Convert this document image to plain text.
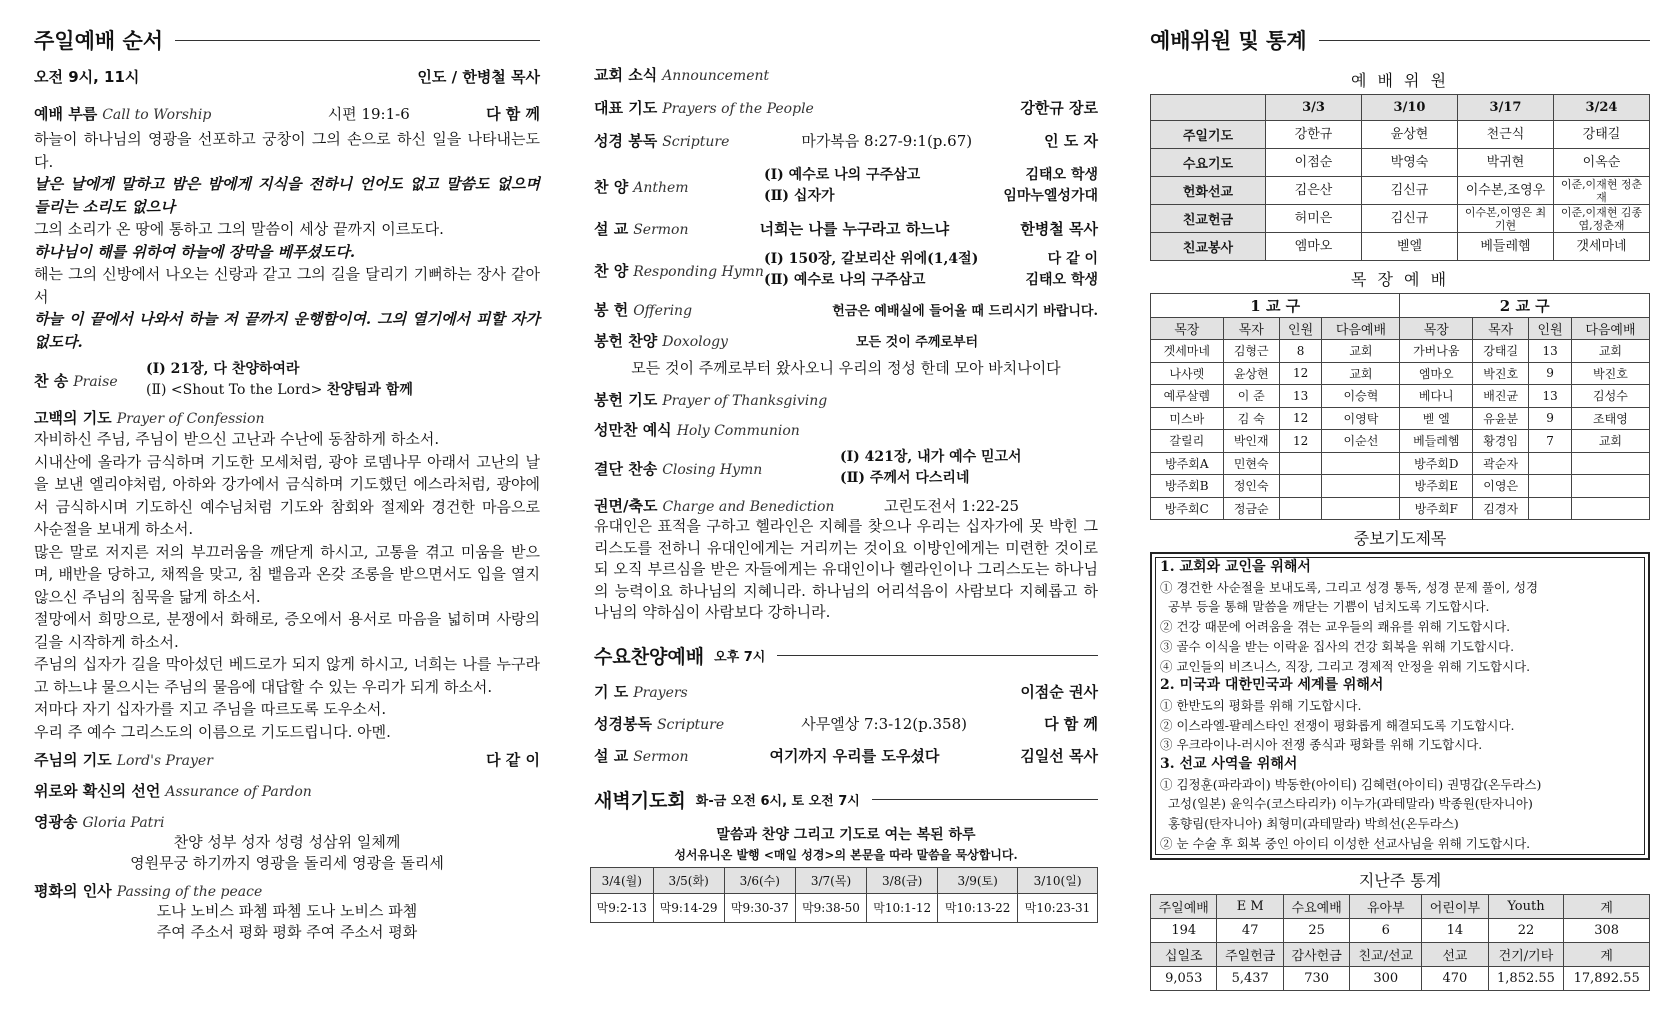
주일예배 순서
오전 9시, 11시	인도 / 한병철 목사
예배 부름 Call to Worship	시편 19:1-6	다 함 께
하늘이 하나님의 영광을 선포하고 궁창이 그의 손으로 하신 일을 나타내는도다.
날은 날에게 말하고 밤은 밤에게 지식을 전하니 언어도 없고 말씀도 없으며 들리는 소리도 없으나
그의 소리가 온 땅에 통하고 그의 말씀이 세상 끝까지 이르도다.
하나님이 해를 위하여 하늘에 장막을 베푸셨도다.
해는 그의 신방에서 나오는 신랑과 같고 그의 길을 달리기 기뻐하는 장사 같아서
하늘 이 끝에서 나와서 하늘 저 끝까지 운행함이여. 그의 열기에서 피할 자가 없도다.
찬 송 Praise
(Ⅰ) 21장, 다 찬양하여라
(Ⅱ) <Shout To the Lord> 찬양팀과 함께
고백의 기도 Prayer of Confession
자비하신 주님, 주님이 받으신 고난과 수난에 동참하게 하소서.
시내산에 올라가 금식하며 기도한 모세처럼, 광야 로뎀나무 아래서 고난의 날을 보낸 엘리야처럼, 아하와 강가에서 금식하며 기도했던 에스라처럼, 광야에서 금식하시며 기도하신 예수님처럼 기도와 참회와 절제와 경건한 마음으로 사순절을 보내게 하소서.
많은 말로 저지른 저의 부끄러움을 깨닫게 하시고, 고통을 겪고 미움을 받으며, 배반을 당하고, 채찍을 맞고, 침 뱉음과 온갖 조롱을 받으면서도 입을 열지 않으신 주님의 침묵을 닮게 하소서.
절망에서 희망으로, 분쟁에서 화해로, 증오에서 용서로 마음을 넓히며 사랑의 길을 시작하게 하소서.
주님의 십자가 길을 막아섰던 베드로가 되지 않게 하시고, 너희는 나를 누구라고 하느냐 물으시는 주님의 물음에 대답할 수 있는 우리가 되게 하소서.
저마다 자기 십자가를 지고 주님을 따르도록 도우소서.
우리 주 예수 그리스도의 이름으로 기도드립니다. 아멘.
주님의 기도 Lord's Prayer	다 같 이
위로와 확신의 선언 Assurance of Pardon
영광송 Gloria Patri
찬양 성부 성자 성령 성삼위 일체께
영원무궁 하기까지 영광을 돌리세 영광을 돌리세
평화의 인사 Passing of the peace
도나 노비스 파쳄 파쳄 도나 노비스 파쳄
주여 주소서 평화 평화 주여 주소서 평화
교회 소식 Announcement
대표 기도 Prayers of the People	강한규 장로
성경 봉독 Scripture	마가복음 8:27-9:1(p.67)	인 도 자
찬 양 Anthem
(Ⅰ) 예수로 나의 구주삼고
(Ⅱ) 십자가
김태오 학생
임마누엘성가대
설 교 Sermon	너희는 나를 누구라고 하느냐	한병철 목사
찬 양 Responding Hymn
(Ⅰ) 150장, 갈보리산 위에(1,4절)
(Ⅱ) 예수로 나의 구주삼고
다 같 이
김태오 학생
봉 헌 Offering	헌금은 예배실에 들어올 때 드리시기 바랍니다.
봉헌 찬양 Doxology	모든 것이 주께로부터
모든 것이 주께로부터 왔사오니 우리의 정성 한데 모아 바치나이다
봉헌 기도 Prayer of Thanksgiving
성만찬 예식 Holy Communion
결단 찬송 Closing Hymn
(Ⅰ) 421장, 내가 예수 믿고서
(Ⅱ) 주께서 다스리네
권면/축도 Charge and Benediction	고린도전서 1:22-25
유대인은 표적을 구하고 헬라인은 지혜를 찾으나 우리는 십자가에 못 박힌 그리스도를 전하니 유대인에게는 거리끼는 것이요 이방인에게는 미련한 것이로되 오직 부르심을 받은 자들에게는 유대인이나 헬라인이나 그리스도는 하나님의 능력이요 하나님의 지혜니라. 하나님의 어리석음이 사람보다 지혜롭고 하나님의 약하심이 사람보다 강하니라.
수요찬양예배 오후 7시
기 도 Prayers	이점순 권사
성경봉독 Scripture	사무엘상 7:3-12(p.358)	다 함 께
설 교 Sermon	여기까지 우리를 도우셨다	김일선 목사
새벽기도회 화-금 오전 6시, 토 오전 7시
말씀과 찬양 그리고 기도로 여는 복된 하루
성서유니온 발행 <매일 성경>의 본문을 따라 말씀을 묵상합니다.
3/4(월)	3/5(화)	3/6(수)	3/7(목)	3/8(금)	3/9(토)	3/10(일)
막9:2-13	막9:14-29	막9:30-37	막9:38-50	막10:1-12	막10:13-22	막10:23-31
예배위원 및 통계
예 배 위 원
	3/3	3/10	3/17	3/24
주일기도	강한규	윤상현	천근식	강태길
수요기도	이점순	박영숙	박귀현	이옥순
헌화선교	김은산	김신규	이수본,조영우	이준,이재현 정춘재
친교헌금	허미은	김신규	이수본,이영은 최기현	이준,이재현 김종엽,정춘재
친교봉사	엠마오	벧엘	베들레헴	갯세마네
목 장 예 배
1 교 구				2 교 구			
목장	목자	인원	다음예배	목장	목자	인원	다음예배
겟세마네	김형근	8	교회	가버나움	강태길	13	교회
나사렛	윤상현	12	교회	엠마오	박진호	9	박진호
예루살렘	이 준	13	이승혁	베다니	배진균	13	김성수
미스바	김 숙	12	이영탁	벧 엘	유윤분	9	조태영
갈릴리	박인재	12	이순선	베들레헴	황경임	7	교회
방주회A	민현숙			방주회D	곽순자		
방주회B	정인숙			방주회E	이영은		
방주회C	정금순			방주회F	김경자		
중보기도제목
1. 교회와 교인을 위해서
① 경건한 사순절을 보내도록, 그리고 성경 통독, 성경 문제 풀이, 성경
공부 등을 통해 말씀을 깨닫는 기쁨이 넘치도록 기도합시다.
② 건강 때문에 어려움을 겪는 교우들의 쾌유를 위해 기도합시다.
③ 골수 이식을 받는 이락윤 집사의 건강 회복을 위해 기도합시다.
④ 교인들의 비즈니스, 직장, 그리고 경제적 안정을 위해 기도합시다.
2. 미국과 대한민국과 세계를 위해서
① 한반도의 평화를 위해 기도합시다.
② 이스라엘-팔레스타인 전쟁이 평화롭게 해결되도록 기도합시다.
③ 우크라이나-러시아 전쟁 종식과 평화를 위해 기도합시다.
3. 선교 사역을 위해서
① 김정훈(파라과이) 박동한(아이티) 김혜련(아이티) 권명갑(온두라스)
고성(일본) 윤익수(코스타리카) 이누가(과테말라) 박종원(탄자니아)
홍향림(탄자니아) 최형미(과테말라) 박희선(온두라스)
② 눈 수술 후 회복 중인 아이티 이성한 선교사님을 위해 기도합시다.
지난주 통계
주일예배	E M	수요예배	유아부	어린이부	Youth	계
194	47	25	6	14	22	308
십일조	주일헌금	감사헌금	친교/선교	선교	건기/기타	계
9,053	5,437	730	300	470	1,852.55	17,892.55
